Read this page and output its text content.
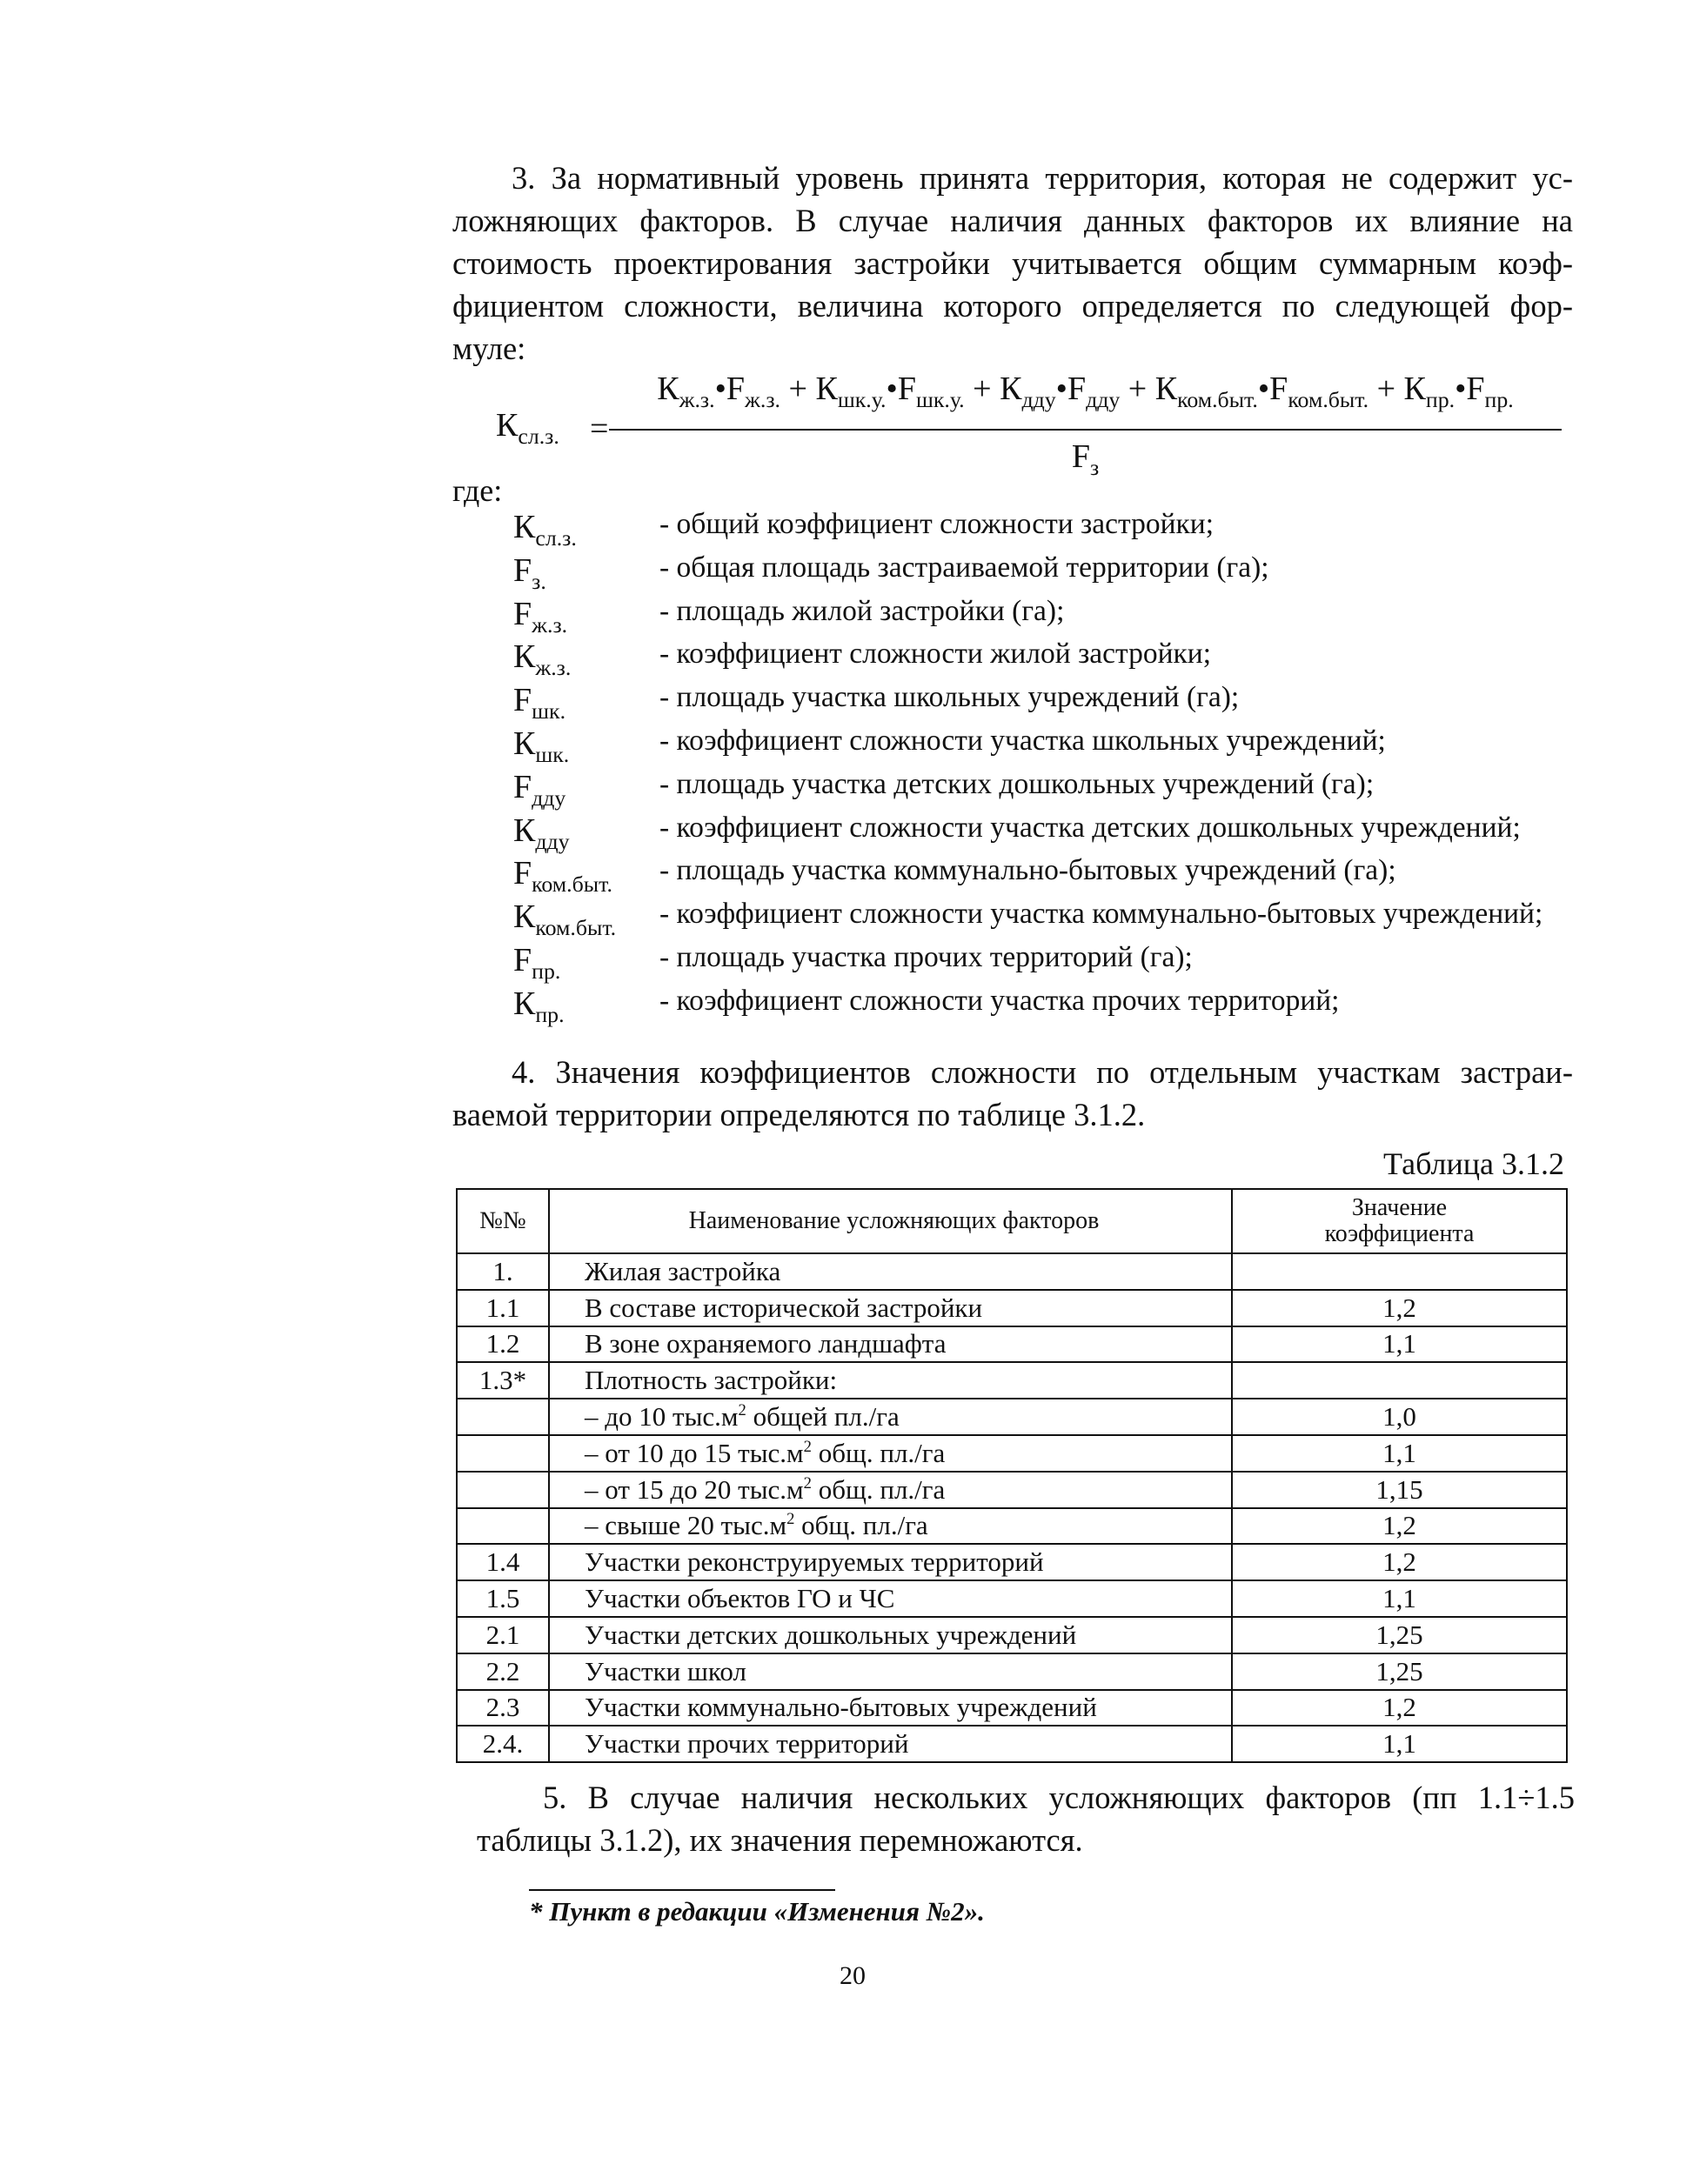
3. За нормативный уровень принята территория, которая не содержит ус-
ложняющих факторов. В случае наличия данных факторов их влияние на
стоимость проектирования застройки учитывается общим суммарным коэф-
фициентом сложности, величина которого определяется по следующей фор-
муле:
$К_{сл.з.}$ =
$К_{ж.з.}•F_{ж.з.}$ + $К_{шк.у.}•F_{шк.у.}$ + $К_{дду}•F_{дду}$ + $К_{ком.быт.}•F_{ком.быт.}$ + $К_{пр.}•F_{пр.}$
$F_з$
где:
$К_{сл.з.}$	- общий коэффициент сложности застройки;
$F_{з.}$	- общая площадь застраиваемой территории (га);
$F_{ж.з.}$	- площадь жилой застройки (га);
$К_{ж.з.}$	- коэффициент сложности жилой застройки;
$F_{шк.}$	- площадь участка школьных учреждений (га);
$К_{шк.}$	- коэффициент сложности участка школьных учреждений;
$F_{дду}$	- площадь участка детских дошкольных учреждений (га);
$К_{дду}$	- коэффициент сложности участка детских дошкольных учреждений;
$F_{ком.быт.}$ - площадь участка коммунально-бытовых учреждений (га);
$К_{ком.быт.}$ - коэффициент сложности участка коммунально-бытовых учреждений;
$F_{пр.}$	- площадь участка прочих территорий (га);
$К_{пр.}$	- коэффициент сложности участка прочих территорий;
4. Значения коэффициентов сложности по отдельным участкам застраи-
ваемой территории определяются по таблице 3.1.2.
Таблица 3.1.2
№№	Наименование усложняющих факторов	Значение
коэффициента
1.	Жилая застройка	
1.1	В составе исторической застройки	1,2
1.2	В зоне охраняемого ландшафта	1,1
1.3*	Плотность застройки:	
	– до 10 $тыс.м^2$ общей пл./га	1,0
	– от 10 до 15 $тыс.м^2$ общ. пл./га	1,1
	– от 15 до 20 $тыс.м^2$ общ. пл./га	1,15
	– свыше 20 $тыс.м^2$ общ. пл./га	1,2
1.4	Участки реконструируемых территорий	1,2
1.5	Участки объектов ГО и ЧС	1,1
2.1	Участки детских дошкольных учреждений	1,25
2.2	Участки школ	1,25
2.3	Участки коммунально-бытовых учреждений	1,2
2.4.	Участки прочих территорий	1,1
5. В случае наличия нескольких усложняющих факторов (пп 1.1÷1.5
таблицы 3.1.2), их значения перемножаются.
* Пункт в редакции «Изменения №2».
20
